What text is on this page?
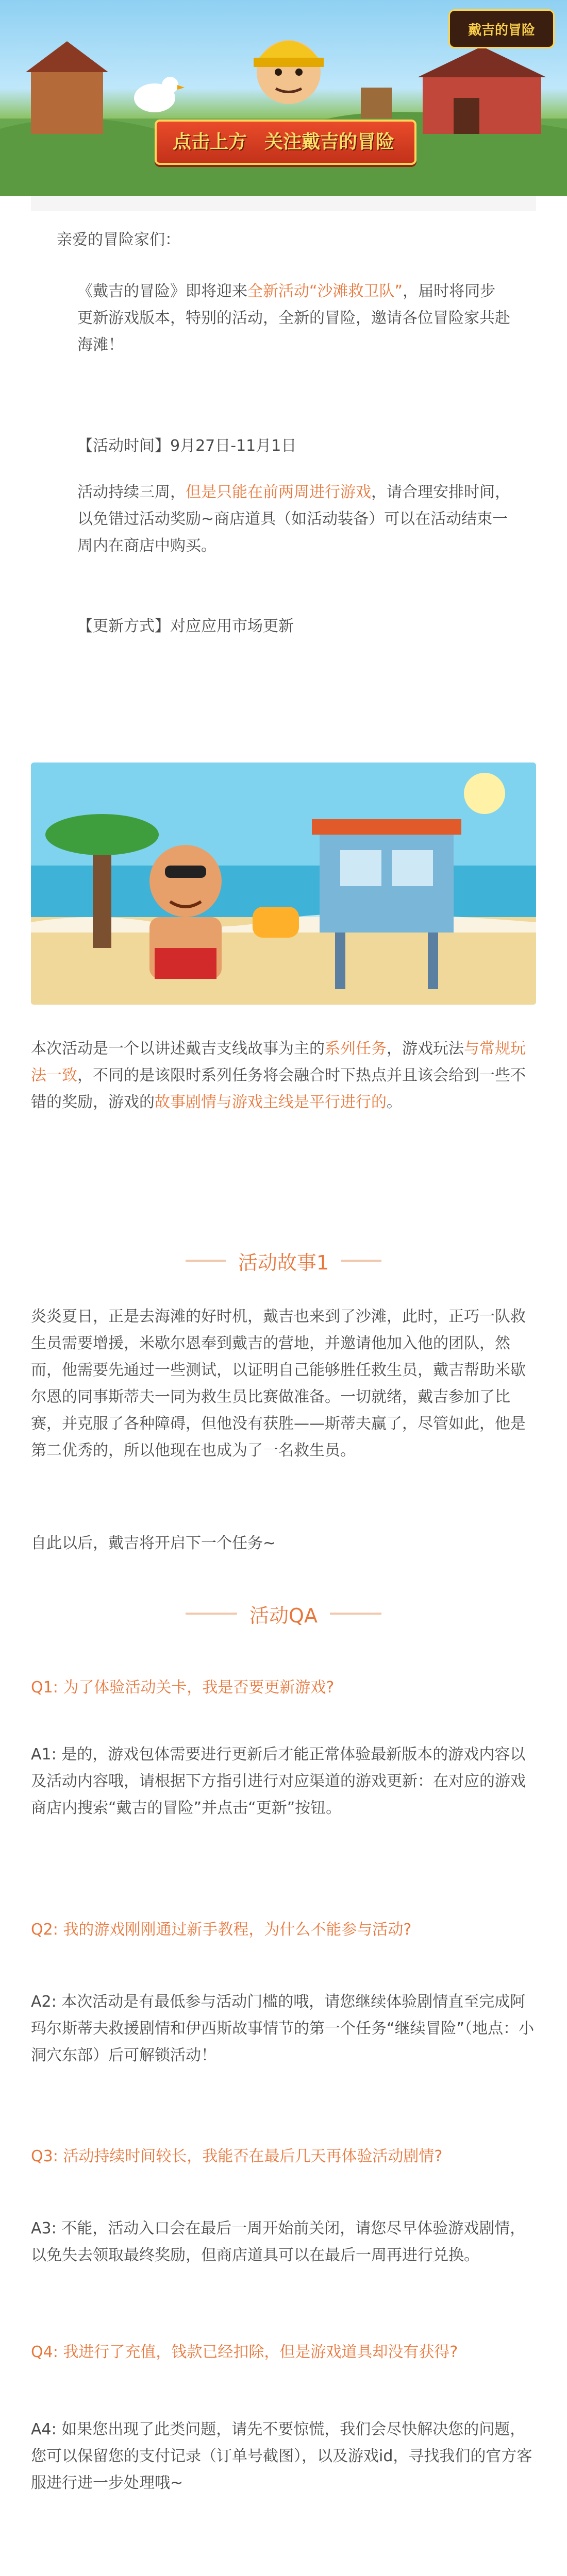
戴吉的冒险
点击上方 关注戴吉的冒险
亲爱的冒险家们：
《戴吉的冒险》即将迎来全新活动“沙滩救卫队”，届时将同步更新游戏版本，特别的活动，全新的冒险，邀请各位冒险家共赴海滩！
【活动时间】9月27日-11月1日
活动持续三周，但是只能在前两周进行游戏，请合理安排时间，以免错过活动奖励~商店道具（如活动装备）可以在活动结束一周内在商店中购买。
【更新方式】对应应用市场更新
本次活动是一个以讲述戴吉支线故事为主的系列任务，游戏玩法与常规玩法一致，不同的是该限时系列任务将会融合时下热点并且该会给到一些不错的奖励，游戏的故事剧情与游戏主线是平行进行的。
活动故事1
炎炎夏日，正是去海滩的好时机，戴吉也来到了沙滩，此时，正巧一队救生员需要增援，米歇尔恩奉到戴吉的营地，并邀请他加入他的团队，然而，他需要先通过一些测试，以证明自己能够胜任救生员，戴吉帮助米歇尔恩的同事斯蒂夫一同为救生员比赛做准备。一切就绪，戴吉参加了比赛，并克服了各种障碍，但他没有获胜——斯蒂夫赢了，尽管如此，他是第二优秀的，所以他现在也成为了一名救生员。
自此以后，戴吉将开启下一个任务~
活动QA
Q1: 为了体验活动关卡，我是否要更新游戏?
A1: 是的，游戏包体需要进行更新后才能正常体验最新版本的游戏内容以及活动内容哦，请根据下方指引进行对应渠道的游戏更新：在对应的游戏商店内搜索“戴吉的冒险”并点击“更新”按钮。
Q2: 我的游戏刚刚通过新手教程，为什么不能参与活动?
A2: 本次活动是有最低参与活动门槛的哦，请您继续体验剧情直至完成阿玛尔斯蒂夫救援剧情和伊西斯故事情节的第一个任务“继续冒险”（地点：小洞穴东部）后可解锁活动！
Q3: 活动持续时间较长，我能否在最后几天再体验活动剧情?
A3: 不能，活动入口会在最后一周开始前关闭，请您尽早体验游戏剧情，以免失去领取最终奖励，但商店道具可以在最后一周再进行兑换。
Q4: 我进行了充值，钱款已经扣除，但是游戏道具却没有获得?
A4: 如果您出现了此类问题，请先不要惊慌，我们会尽快解决您的问题，您可以保留您的支付记录（订单号截图），以及游戏id，寻找我们的官方客服进行进一步处理哦~
